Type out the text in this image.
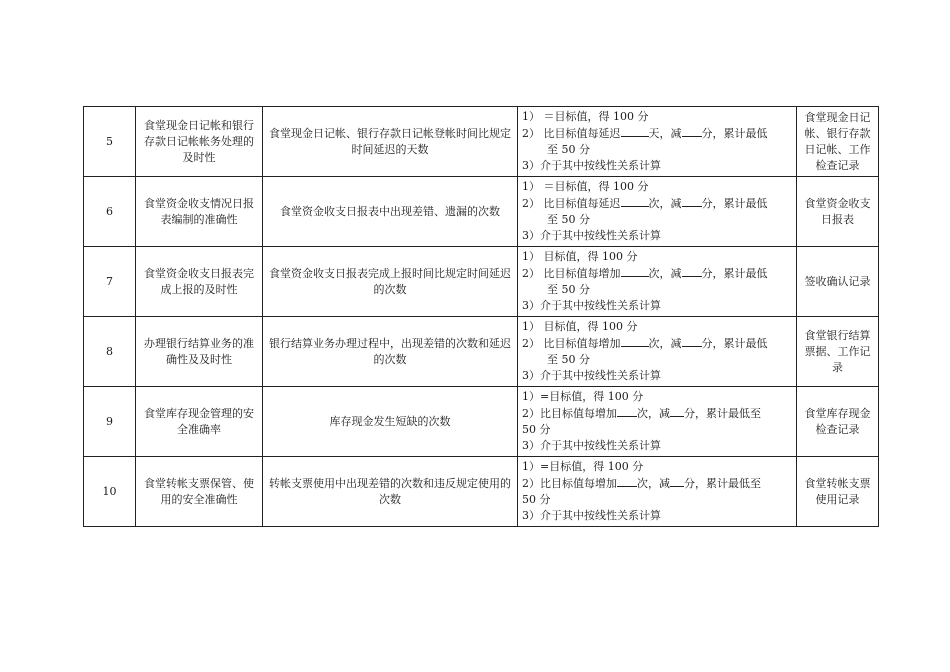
5	食堂现金日记帐和银行存款日记帐帐务处理的及时性	食堂现金日记帐、银行存款日记帐登帐时间比规定时间延迟的天数	1） ＝目标值，得 100 分
2） 比目标值每延迟 天，减 分，累计最低
至 50 分
3）介于其中按线性关系计算	食堂现金日记帐、银行存款日记帐、工作检查记录
6	食堂资金收支情况日报表编制的准确性	食堂资金收支日报表中出现差错、遗漏的次数	1） ＝目标值，得 100 分
2） 比目标值每延迟 次，减 分，累计最低
至 50 分
3）介于其中按线性关系计算	食堂资金收支日报表
7	食堂资金收支日报表完成上报的及时性	食堂资金收支日报表完成上报时间比规定时间延迟的次数	1） 目标值，得 100 分
2） 比目标值每增加 次，减 分，累计最低
至 50 分
3）介于其中按线性关系计算	签收确认记录
8	办理银行结算业务的准确性及及时性	银行结算业务办理过程中，出现差错的次数和延迟的次数	1） 目标值，得 100 分
2） 比目标值每增加 次，减 分，累计最低
至 50 分
3）介于其中按线性关系计算	食堂银行结算票据、工作记录
9	食堂库存现金管理的安全准确率	库存现金发生短缺的次数	1）=目标值，得 100 分
2）比目标值每增加 次，减 分，累计最低至
50 分
3）介于其中按线性关系计算	食堂库存现金检查记录
10	食堂转帐支票保管、使用的安全准确性	转帐支票使用中出现差错的次数和违反规定使用的次数	1）=目标值，得 100 分
2）比目标值每增加 次，减 分，累计最低至
50 分
3）介于其中按线性关系计算	食堂转帐支票使用记录
